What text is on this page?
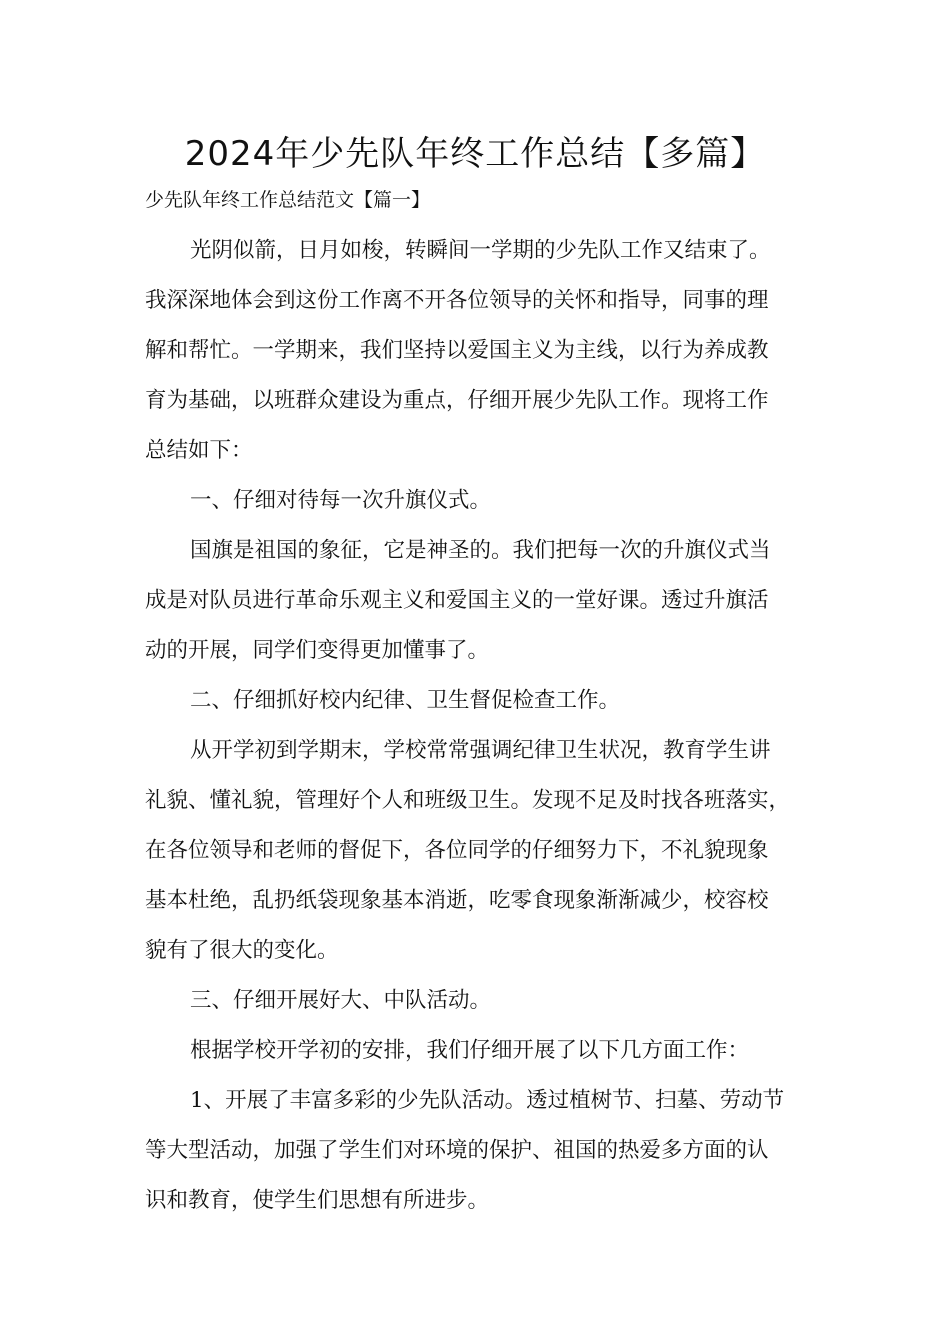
2024年少先队年终工作总结【多篇】

少先队年终工作总结范文【篇一】

光阴似箭，日月如梭，转瞬间一学期的少先队工作又结束了。

我深深地体会到这份工作离不开各位领导的关怀和指导，同事的理

解和帮忙。一学期来，我们坚持以爱国主义为主线，以行为养成教

育为基础，以班群众建设为重点，仔细开展少先队工作。现将工作

总结如下：

一、仔细对待每一次升旗仪式。

国旗是祖国的象征，它是神圣的。我们把每一次的升旗仪式当

成是对队员进行革命乐观主义和爱国主义的一堂好课。透过升旗活

动的开展，同学们变得更加懂事了。

二、仔细抓好校内纪律、卫生督促检查工作。

从开学初到学期末，学校常常强调纪律卫生状况，教育学生讲

礼貌、懂礼貌，管理好个人和班级卫生。发现不足及时找各班落实，

在各位领导和老师的督促下，各位同学的仔细努力下，不礼貌现象

基本杜绝，乱扔纸袋现象基本消逝，吃零食现象渐渐减少，校容校

貌有了很大的变化。

三、仔细开展好大、中队活动。

根据学校开学初的安排，我们仔细开展了以下几方面工作：

1、开展了丰富多彩的少先队活动。透过植树节、扫墓、劳动节

等大型活动，加强了学生们对环境的保护、祖国的热爱多方面的认

识和教育，使学生们思想有所进步。
